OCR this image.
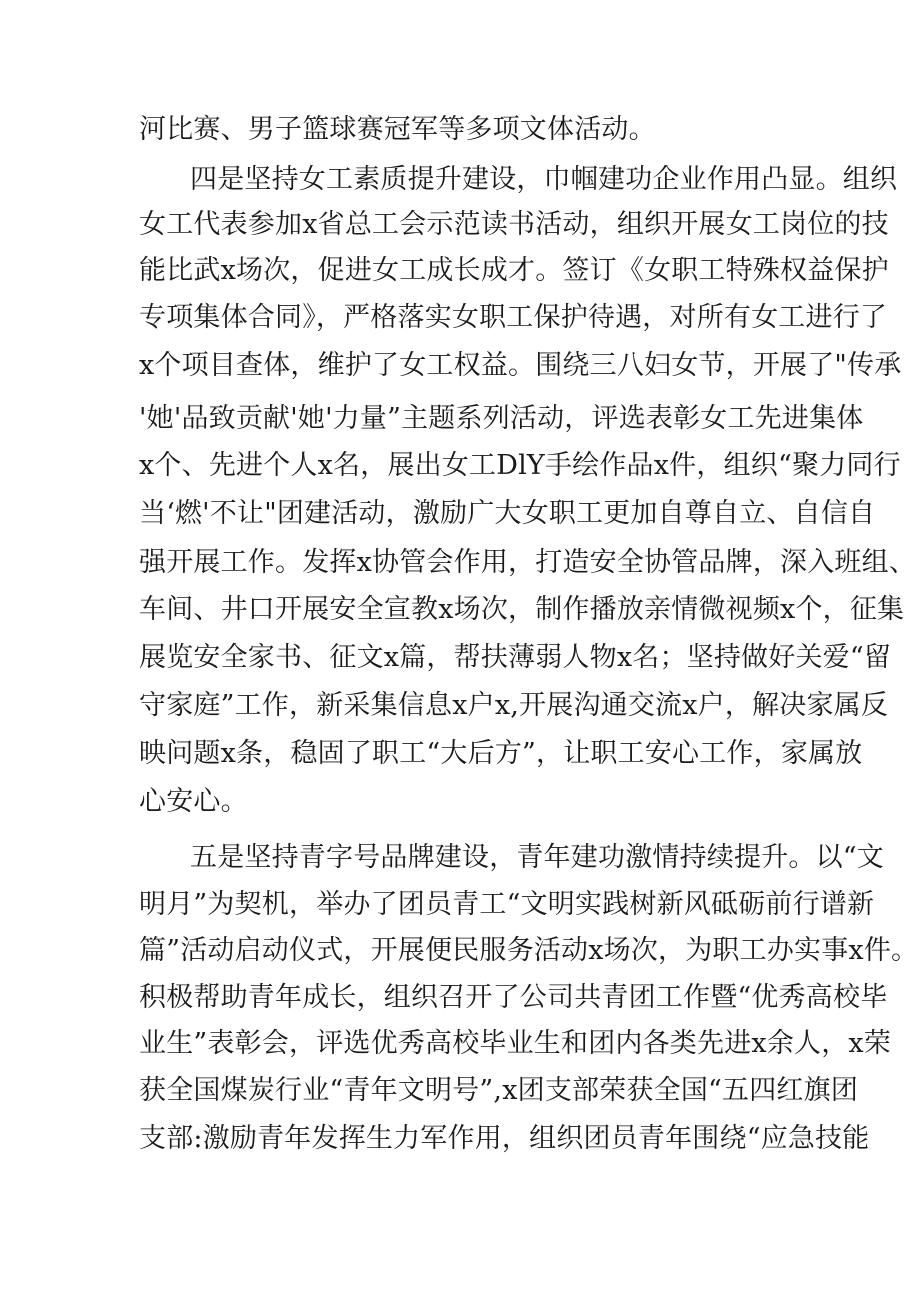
河比赛、男子篮球赛冠军等多项文体活动。
四是坚持女工素质提升建设，巾帼建功企业作用凸显。组织
女工代表参加x省总工会示范读书活动，组织开展女工岗位的技
能比武x场次，促进女工成长成才。签订《女职工特殊权益保护
专项集体合同》，严格落实女职工保护待遇，对所有女工进行了
x个项目查体，维护了女工权益。围绕三八妇女节，开展了"传承
'她'品致贡献'她'力量”主题系列活动，评选表彰女工先进集体
x个、先进个人x名，展出女工DlY手绘作品x件，组织“聚力同行
当‘燃'不让"团建活动，激励广大女职工更加自尊自立、自信自
强开展工作。发挥x协管会作用，打造安全协管品牌，深入班组、
车间、井口开展安全宣教x场次，制作播放亲情微视频x个，征集
展览安全家书、征文x篇，帮扶薄弱人物x名；坚持做好关爱“留
守家庭”工作，新采集信息x户x,开展沟通交流x户，解决家属反
映问题x条，稳固了职工“大后方”，让职工安心工作，家属放
心安心。
五是坚持青字号品牌建设，青年建功激情持续提升。以“文
明月”为契机，举办了团员青工“文明实践树新风砥砺前行谱新
篇”活动启动仪式，开展便民服务活动x场次，为职工办实事x件。
积极帮助青年成长，组织召开了公司共青团工作暨“优秀高校毕
业生”表彰会，评选优秀高校毕业生和团内各类先进x余人，x荣
获全国煤炭行业“青年文明号”,x团支部荣获全国“五四红旗团
支部:激励青年发挥生力军作用，组织团员青年围绕“应急技能
